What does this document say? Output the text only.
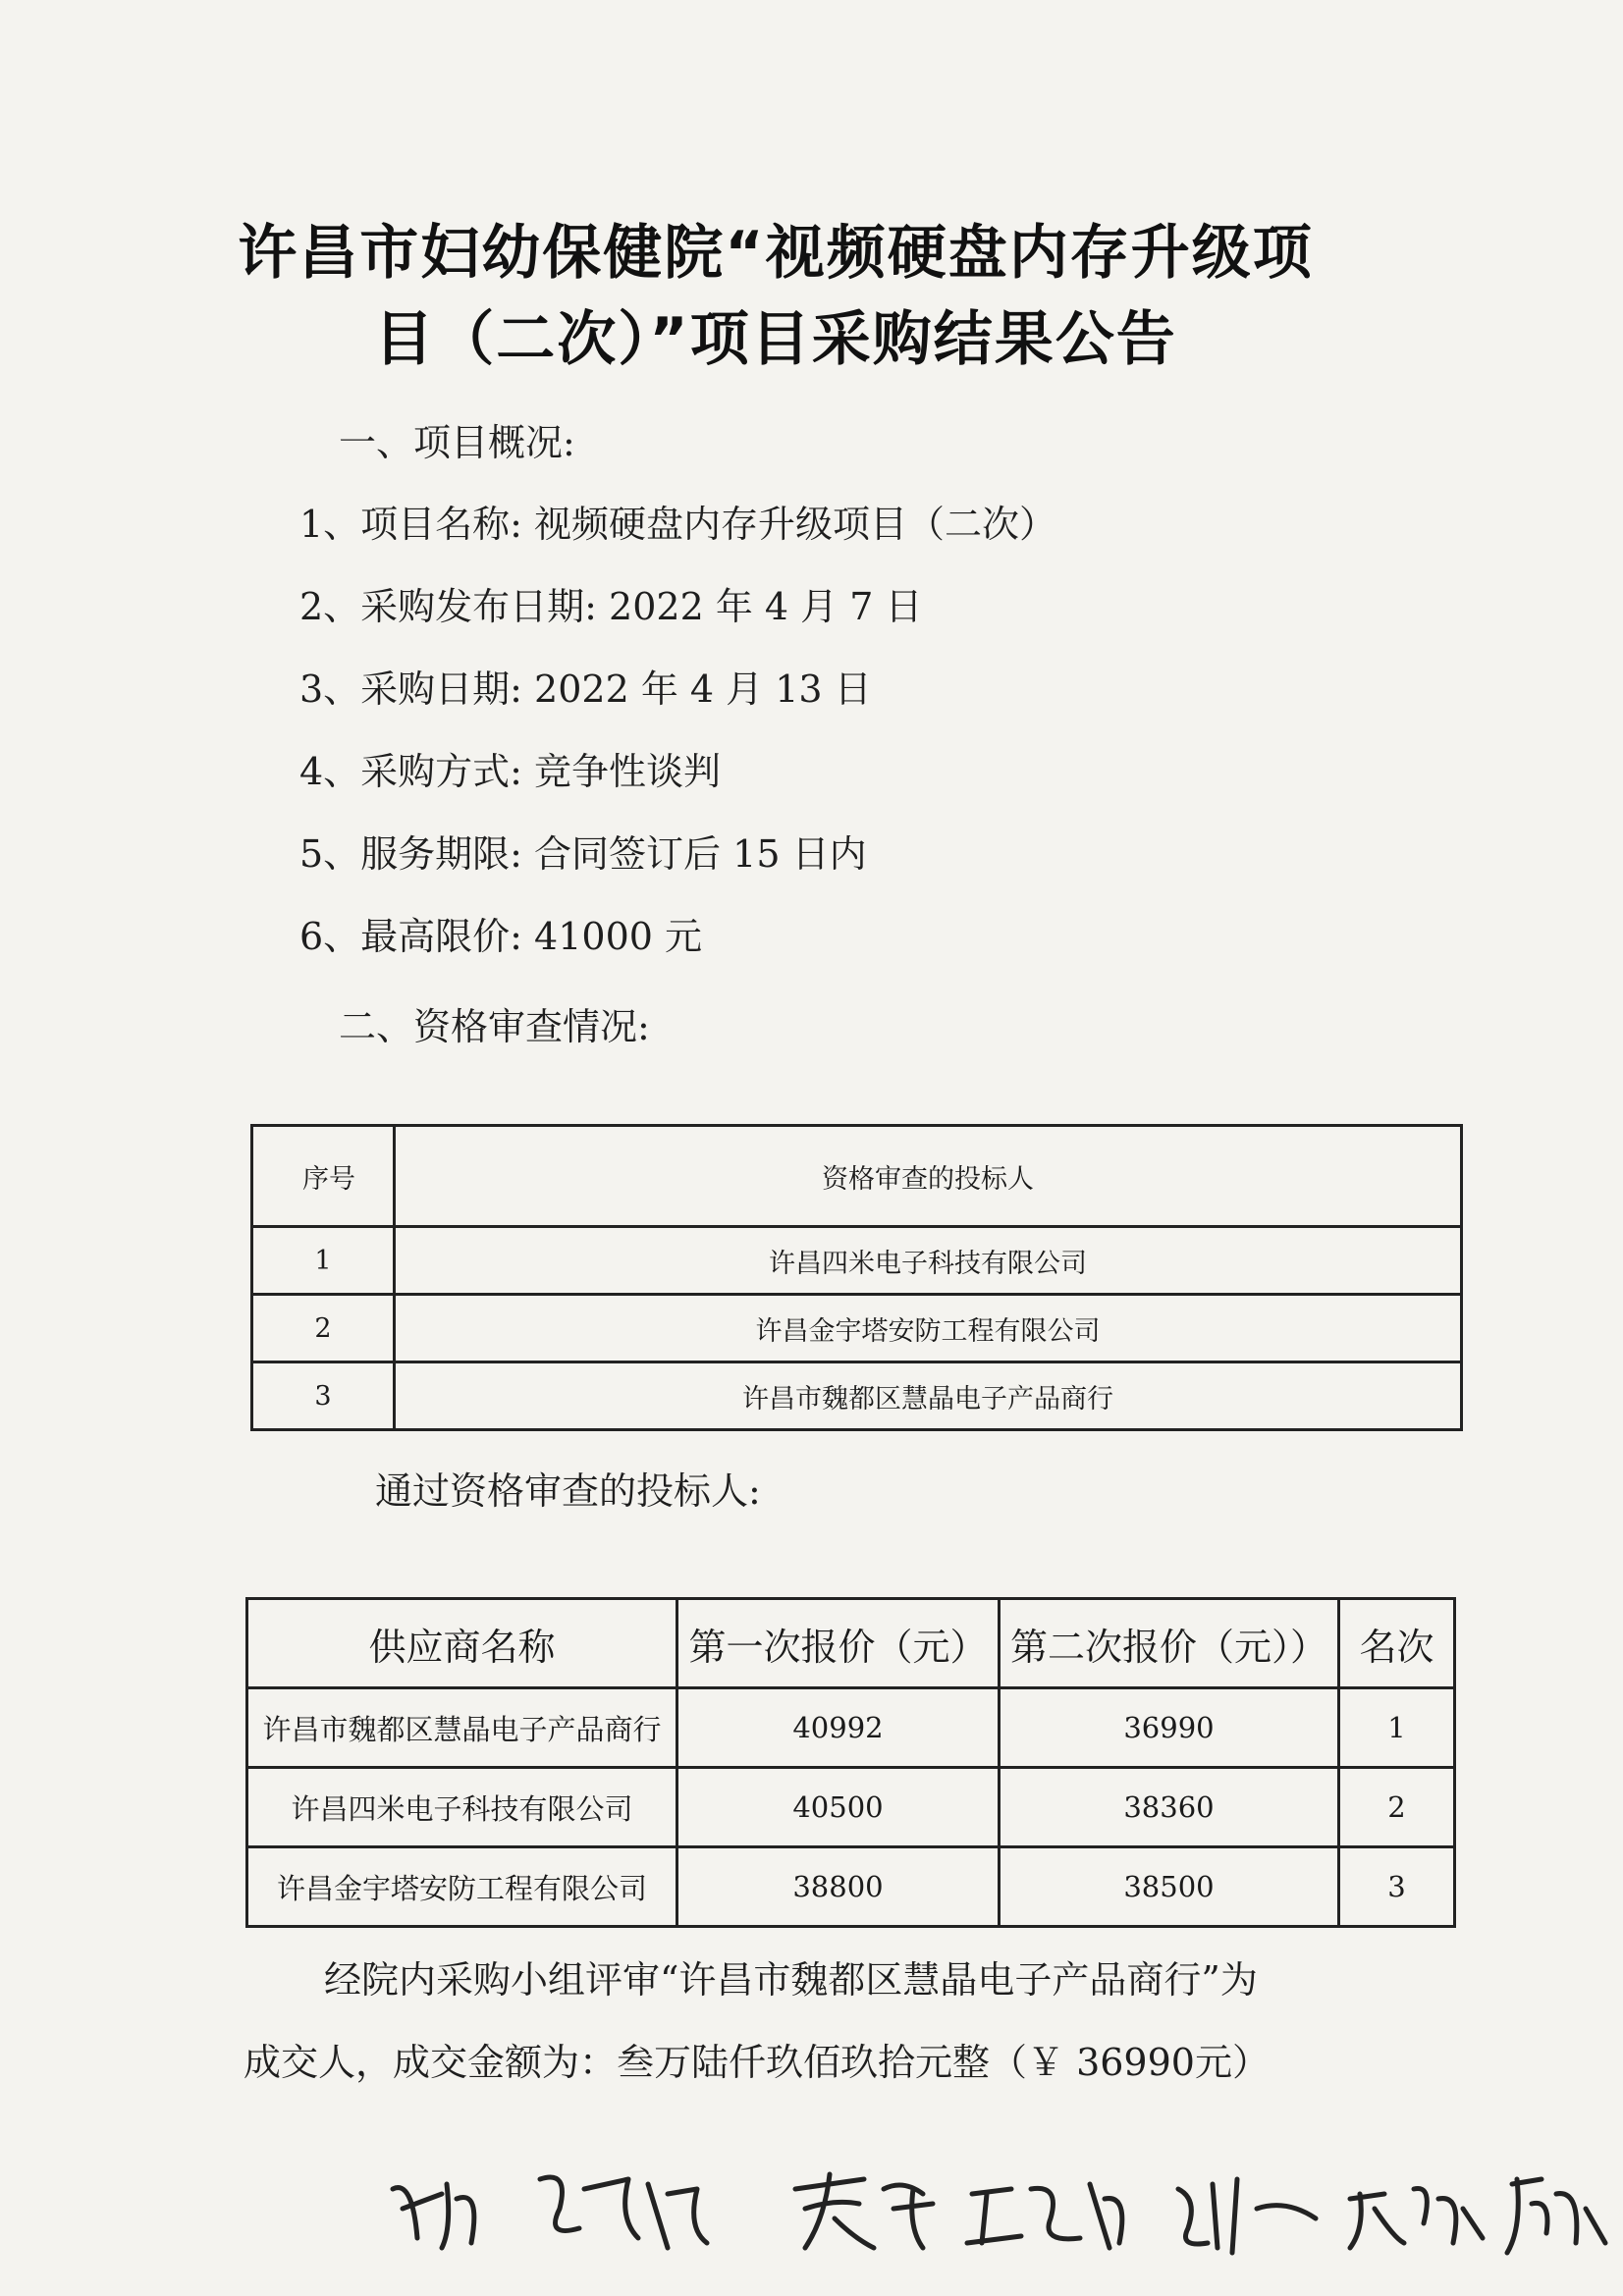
许昌市妇幼保健院“视频硬盘内存升级项
目（二次）”项目采购结果公告
一、项目概况:
1、项目名称: 视频硬盘内存升级项目（二次）
2、采购发布日期: 2022 年 4 月 7 日
3、采购日期: 2022 年 4 月 13 日
4、采购方式: 竞争性谈判
5、服务期限: 合同签订后 15 日内
6、最高限价: 41000 元
二、资格审查情况:
序号	资格审查的投标人
1	许昌四米电子科技有限公司
2	许昌金宇塔安防工程有限公司
3	许昌市魏都区慧晶电子产品商行
通过资格审查的投标人:
供应商名称	第一次报价（元）	第二次报价（元））	名次
许昌市魏都区慧晶电子产品商行	40992	36990	1
许昌四米电子科技有限公司	40500	38360	2
许昌金宇塔安防工程有限公司	38800	38500	3
经院内采购小组评审“许昌市魏都区慧晶电子产品商行”为
成交人，成交金额为：叁万陆仟玖佰玖拾元整（￥ 36990元）
